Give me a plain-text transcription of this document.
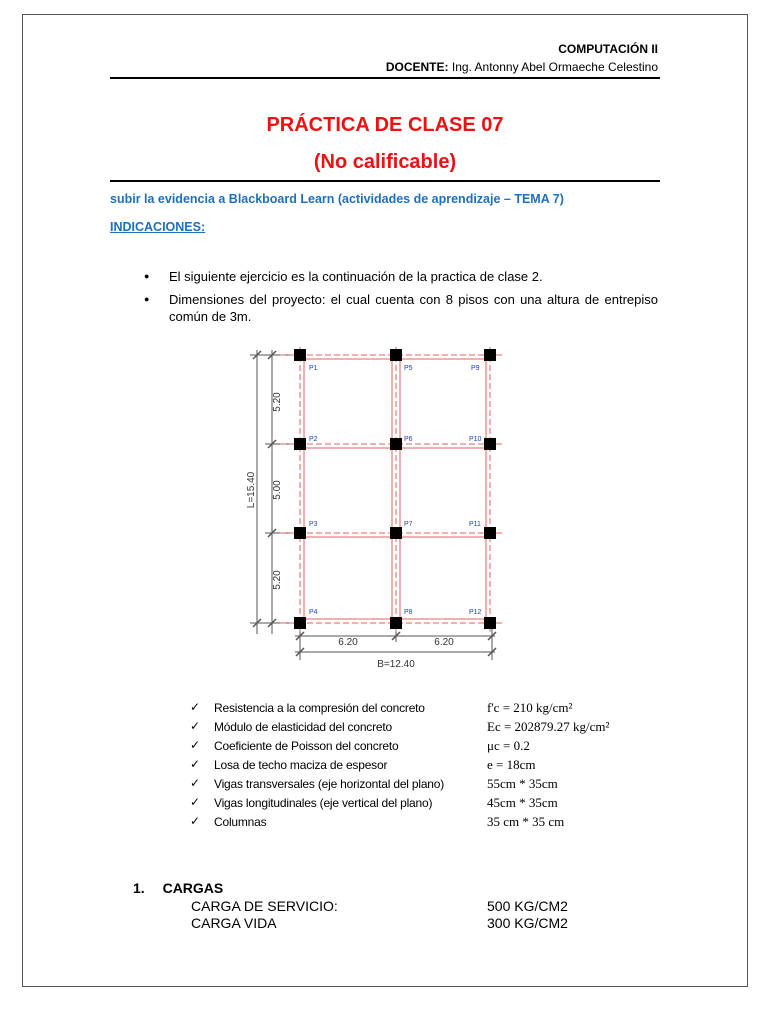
COMPUTACIÓN II
DOCENTE: Ing. Antonny Abel Ormaeche Celestino
PRÁCTICA DE CLASE 07
(No calificable)
subir la evidencia a Blackboard Learn (actividades de aprendizaje – TEMA 7)
INDICACIONES:
● El siguiente ejercicio es la continuación de la practica de clase 2.
● Dimensiones del proyecto: el cual cuenta con 8 pisos con una altura de entrepiso común de 3m.
P1
P2
P3
P4
P5
P6
P7
P8
P9
P10
P11
P12
5.20
5.00
5.20
L=15.40
6.20	6.20
B=12.40
✓ Resistencia a la compresión del concreto	f'c = 210 kg/cm²
✓ Módulo de elasticidad del concreto	Ec = 202879.27 kg/cm²
✓ Coeficiente de Poisson del concreto	μc = 0.2
✓ Losa de techo maciza de espesor	e = 18cm
✓ Vigas transversales (eje horizontal del plano)	55cm * 35cm
✓ Vigas longitudinales (eje vertical del plano)	45cm * 35cm
✓ Columnas	35 cm * 35 cm
1. CARGAS
CARGA DE SERVICIO:	500 KG/CM2
CARGA VIDA	300 KG/CM2
